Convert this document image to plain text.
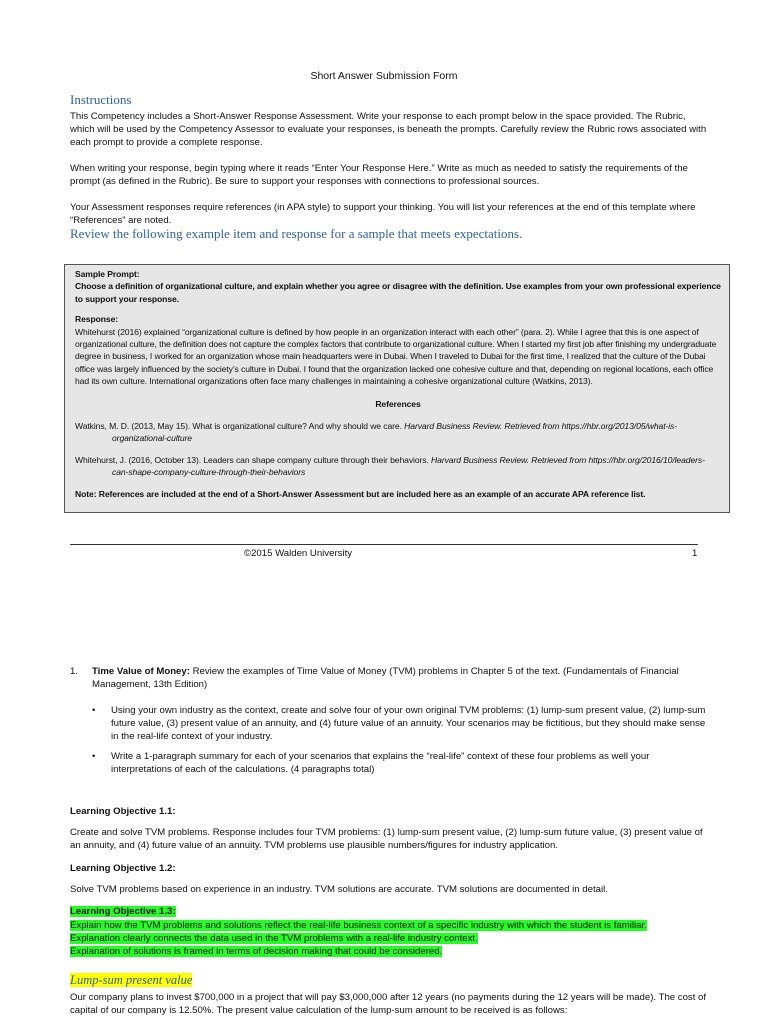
Short Answer Submission Form
Instructions

This Competency includes a Short-Answer Response Assessment. Write your response to each prompt below in the space provided. The Rubric, which will be used by the Competency Assessor to evaluate your responses, is beneath the prompts. Carefully review the Rubric rows associated with each prompt to provide a complete response.

When writing your response, begin typing where it reads “Enter Your Response Here.” Write as much as needed to satisfy the requirements of the prompt (as defined in the Rubric). Be sure to support your responses with connections to professional sources.

Your Assessment responses require references (in APA style) to support your thinking. You will list your references at the end of this template where “References” are noted.

Review the following example item and response for a sample that meets expectations.

Sample Prompt:

Choose a definition of organizational culture, and explain whether you agree or disagree with the definition. Use examples from your own professional experience to support your response.

Response:

Whitehurst (2016) explained “organizational culture is defined by how people in an organization interact with each other” (para. 2). While I agree that this is one aspect of organizational culture, the definition does not capture the complex factors that contribute to organizational culture. When I started my first job after finishing my undergraduate degree in business, I worked for an organization whose main headquarters were in Dubai. When I traveled to Dubai for the first time, I realized that the culture of the Dubai office was largely influenced by the society’s culture in Dubai. I found that the organization lacked one cohesive culture and that, depending on regional locations, each office had its own culture. International organizations often face many challenges in maintaining a cohesive organizational culture (Watkins, 2013).

References

Watkins, M. D. (2013, May 15). What is organizational culture? And why should we care. Harvard Business Review. Retrieved from https://hbr.org/2013/05/what-is-organizational-culture

Whitehurst, J. (2016, October 13). Leaders can shape company culture through their behaviors. Harvard Business Review. Retrieved from https://hbr.org/2016/10/leaders-can-shape-company-culture-through-their-behaviors

Note: References are included at the end of a Short-Answer Assessment but are included here as an example of an accurate APA reference list.

©2015 Walden University	1
1. Time Value of Money: Review the examples of Time Value of Money (TVM) problems in Chapter 5 of the text. (Fundamentals of Financial Management, 13th Edition)
• Using your own industry as the context, create and solve four of your own original TVM problems: (1) lump-sum present value, (2) lump-sum future value, (3) present value of an annuity, and (4) future value of an annuity. Your scenarios may be fictitious, but they should make sense in the real-life context of your industry.
• Write a 1-paragraph summary for each of your scenarios that explains the “real-life” context of these four problems as well your interpretations of each of the calculations. (4 paragraphs total)
Learning Objective 1.1:

Create and solve TVM problems. Response includes four TVM problems: (1) lump-sum present value, (2) lump-sum future value, (3) present value of an annuity, and (4) future value of an annuity. TVM problems use plausible numbers/figures for industry application.

Learning Objective 1.2:

Solve TVM problems based on experience in an industry. TVM solutions are accurate. TVM solutions are documented in detail.

Learning Objective 1.3:
Explain how the TVM problems and solutions reflect the real-life business context of a specific industry with which the student is familiar.
Explanation clearly connects the data used in the TVM problems with a real-life industry context.
Explanation of solutions is framed in terms of decision making that could be considered.
Lump-sum present value

Our company plans to invest $700,000 in a project that will pay $3,000,000 after 12 years (no payments during the 12 years will be made). The cost of capital of our company is 12.50%. The present value calculation of the lump-sum amount to be received is as follows:
